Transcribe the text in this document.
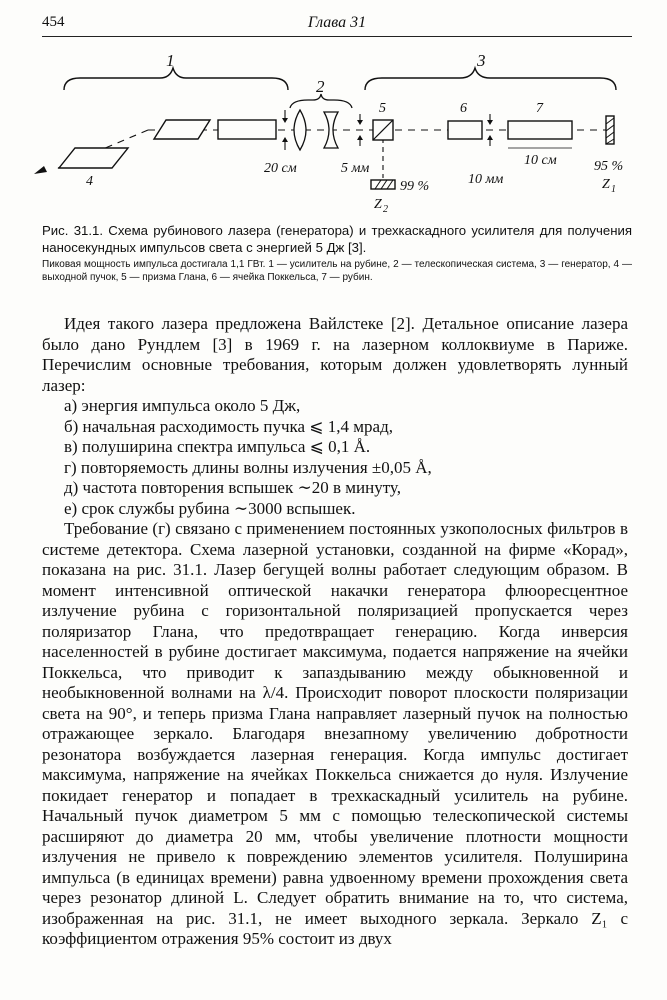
454	Глава 31
1
2
3
4
20 см	5 мм
5
99 %
Z 2
6
10 мм
7
10 см	95 %
Z 1

Рис. 31.1. Схема рубинового лазера (генератора) и трехкаскадного усилителя для получения наносекундных импульсов света с энергией 5 Дж [3].

Пиковая мощность импульса достигала 1,1 ГВт. 1 — усилитель на рубине, 2 — телескопическая система, 3 — генератор, 4 — выходной пучок, 5 — призма Глана, 6 — ячейка Поккельса, 7 — рубин.

Идея такого лазера предложена Вайлстеке [2]. Детальное описание лазера было дано Рундлем [3] в 1969 г. на лазерном коллоквиуме в Париже. Перечислим основные требования, которым должен удовлетворять лунный лазер:

а) энергия импульса около 5 Дж,
б) начальная расходимость пучка ⩽ 1,4 мрад,
в) полуширина спектра импульса ⩽ 0,1 Å.
г) повторяемость длины волны излучения ±0,05 Å,
д) частота повторения вспышек ∼20 в минуту,
е) срок службы рубина ∼3000 вспышек.

Требование (г) связано с применением постоянных узкополосных фильтров в системе детектора. Схема лазерной установки, созданной на фирме «Корад», показана на рис. 31.1. Лазер бегущей волны работает следующим образом. В момент интенсивной оптической накачки генератора флюоресцентное излучение рубина с горизонтальной поляризацией пропускается через поляризатор Глана, что предотвращает генерацию. Когда инверсия населенностей в рубине достигает максимума, подается напряжение на ячейки Поккельса, что приводит к запаздыванию между обыкновенной и необыкновенной волнами на λ/4. Происходит поворот плоскости поляризации света на 90°, и теперь призма Глана направляет лазерный пучок на полностью отражающее зеркало. Благодаря внезапному увеличению добротности резонатора возбуждается лазерная генерация. Когда импульс достигает максимума, напряжение на ячейках Поккельса снижается до нуля. Излучение покидает генератор и попадает в трехкаскадный усилитель на рубине. Начальный пучок диаметром 5 мм с помощью телескопической системы расширяют до диаметра 20 мм, чтобы увеличение плотности мощности излучения не привело к повреждению элементов усилителя. Полуширина импульса (в единицах времени) равна удвоенному времени прохождения света через резонатор длиной L. Следует обратить внимание на то, что система, изображенная на рис. 31.1, не имеет выходного зеркала. Зеркало Z₁ с коэффициентом отражения 95% состоит из двух
